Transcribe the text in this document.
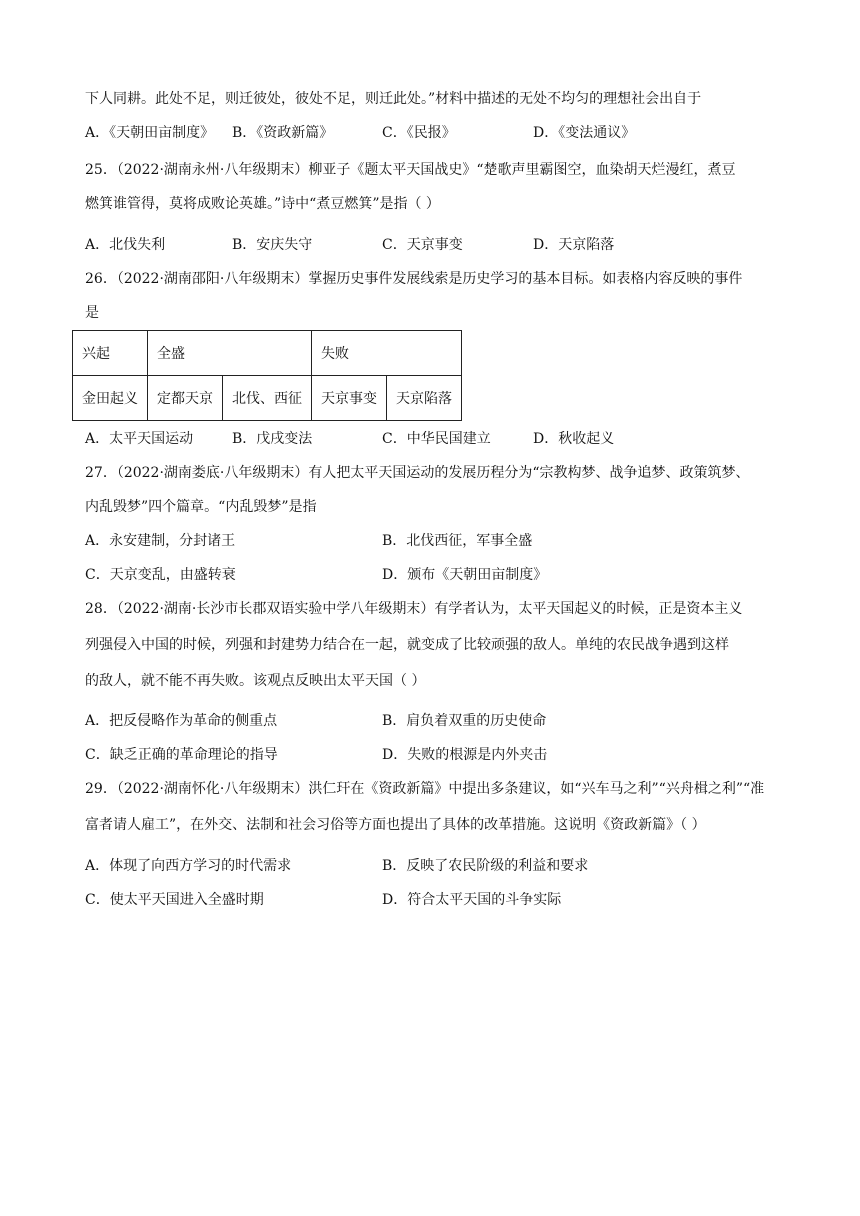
下人同耕。此处不足，则迁彼处，彼处不足，则迁此处。”材料中描述的无处不均匀的理想社会出自于
A．《天朝田亩制度》 B．《资政新篇》	C．《民报》	D．《变法通议》
25．（2022·湖南永州·八年级期末）柳亚子《题太平天国战史》“楚歌声里霸图空，血染胡天烂漫红，煮豆
燃箕谁管得，莫将成败论英雄。”诗中“煮豆燃箕”是指（ ）
A．北伐失利	B．安庆失守	C．天京事变	D．天京陷落
26．（2022·湖南邵阳·八年级期末）掌握历史事件发展线索是历史学习的基本目标。如表格内容反映的事件
是
兴起	全盛		失败	
金田起义	定都天京	北伐、西征	天京事变	天京陷落
A．太平天国运动	B．戊戌变法	C．中华民国建立	D．秋收起义
27．（2022·湖南娄底·八年级期末）有人把太平天国运动的发展历程分为“宗教构梦、战争追梦、政策筑梦、
内乱毁梦”四个篇章。“内乱毁梦”是指
A．永安建制，分封诸王	B．北伐西征，军事全盛
C．天京变乱，由盛转衰	D．颁布《天朝田亩制度》
28．（2022·湖南·长沙市长郡双语实验中学八年级期末）有学者认为，太平天国起义的时候，正是资本主义
列强侵入中国的时候，列强和封建势力结合在一起，就变成了比较顽强的敌人。单纯的农民战争遇到这样
的敌人，就不能不再失败。该观点反映出太平天国（ ）
A．把反侵略作为革命的侧重点	B．肩负着双重的历史使命
C．缺乏正确的革命理论的指导	D．失败的根源是内外夹击
29．（2022·湖南怀化·八年级期末）洪仁玕在《资政新篇》中提出多条建议，如“兴车马之利”“兴舟楫之利”“准
富者请人雇工”，在外交、法制和社会习俗等方面也提出了具体的改革措施。这说明《资政新篇》（ ）
A．体现了向西方学习的时代需求	B．反映了农民阶级的利益和要求
C．使太平天国进入全盛时期	D．符合太平天国的斗争实际
